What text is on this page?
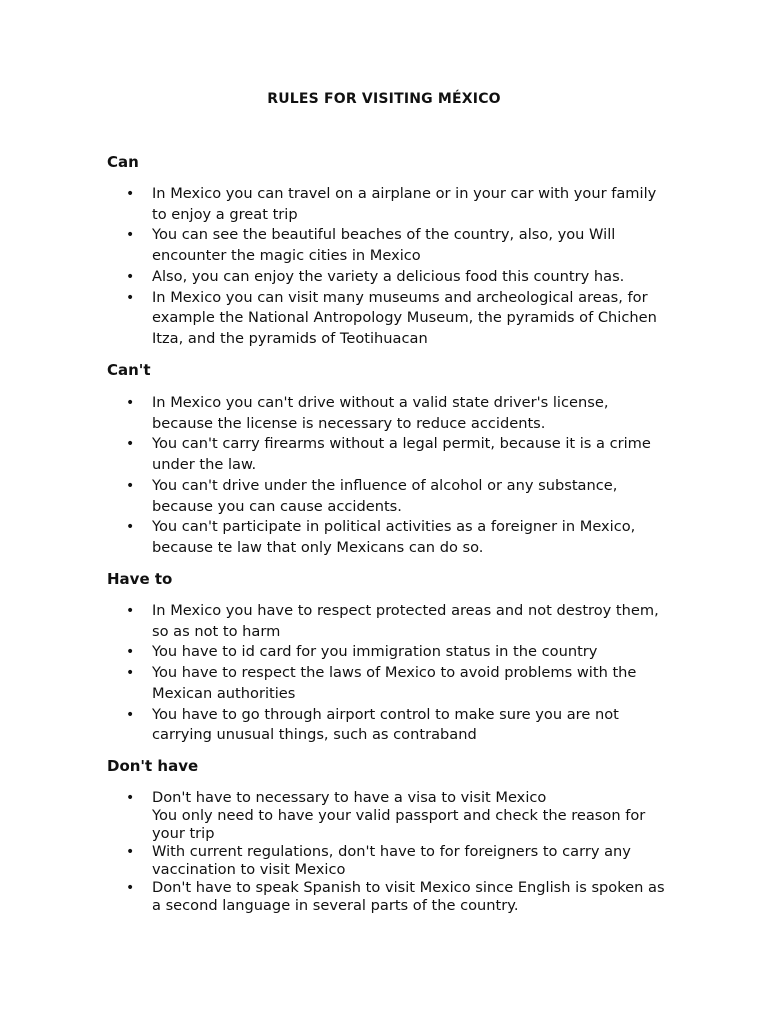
RULES FOR VISITING MÉXICO
Can
• In Mexico you can travel on a airplane or in your car with your family to enjoy a great trip
• You can see the beautiful beaches of the country, also, you Will encounter the magic cities in Mexico
• Also, you can enjoy the variety a delicious food this country has.
• In Mexico you can visit many museums and archeological areas, for example the National Antropology Museum, the pyramids of Chichen Itza, and the pyramids of Teotihuacan
Can't
• In Mexico you can't drive without a valid state driver's license, because the license is necessary to reduce accidents.
• You can't carry firearms without a legal permit, because it is a crime under the law.
• You can't drive under the influence of alcohol or any substance, because you can cause accidents.
• You can't participate in political activities as a foreigner in Mexico, because te law that only Mexicans can do so.
Have to
• In Mexico you have to respect protected areas and not destroy them, so as not to harm
• You have to id card for you immigration status in the country
• You have to respect the laws of Mexico to avoid problems with the Mexican authorities
• You have to go through airport control to make sure you are not carrying unusual things, such as contraband
Don't have
• Don't have to necessary to have a visa to visit Mexico
You only need to have your valid passport and check the reason for your trip
• With current regulations, don't have to for foreigners to carry any vaccination to visit Mexico
• Don't have to speak Spanish to visit Mexico since English is spoken as a second language in several parts of the country.
